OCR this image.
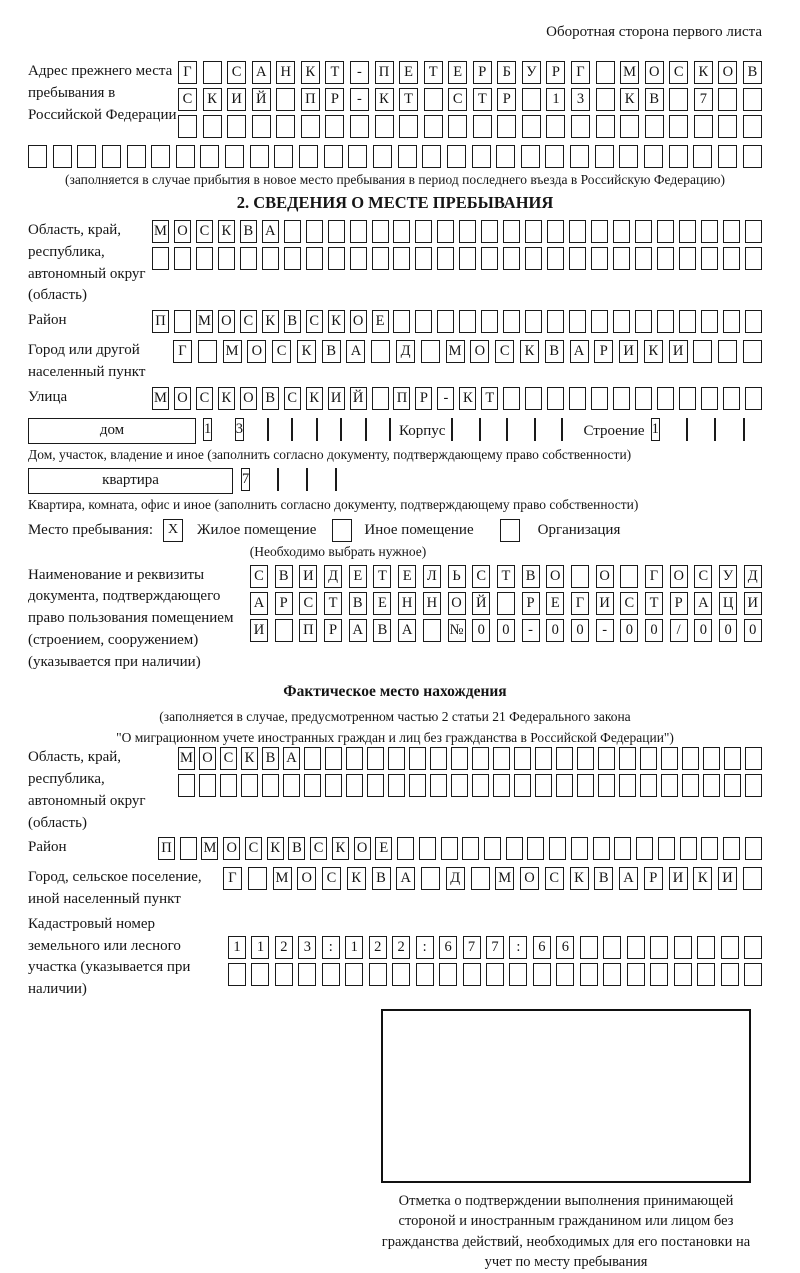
Оборотная сторона первого листа
Адрес прежнего места пребывания в Российской Федерации
Г	С А Н К	Т	-	П	Е	Т	Е	Р	Б	У	Р	Г	М О С	К О В
С	К И Й	П	Р	-	К	Т	С	Т	Р	1	3	К	В	7
(заполняется в случае прибытия в новое место пребывания в период последнего въезда в Российскую Федерацию)
2. СВЕДЕНИЯ О МЕСТЕ ПРЕБЫВАНИЯ
Область, край, республика, автономный округ (область)
М О С К В А
Район	П М О С К В С К О Е
Город или другой населенный пункт
Г	М О	С	К	В	А	Д	М О	С	К	В	А	Р	И	К	И
Улица	М О С К О В С К И Й П Р	-	К Т
дом	1 3	Корпус	Строение 1
Дом, участок, владение и иное (заполнить согласно документу, подтверждающему право собственности)
квартира	7
Квартира, комната, офис и иное (заполнить согласно документу, подтверждающему право собственности)
Место пребывания:	X	Жилое помещение	Иное помещение	Организация
(Необходимо выбрать нужное)
Наименование и реквизиты документа, подтверждающего право пользования помещением (строением, сооружением) (указывается при наличии)
С В И Д	Е	Т	Е	Л	Ь	С	Т	В О	О	Г	О С У Д
А	Р	С	Т	В	Е	Н Н О Й	Р	Е	Г	И С	Т	Р	А Ц И
И	П	Р	А В А	№ 0	0	-	0	0	-	0	0	/	0	0	0
Фактическое место нахождения
(заполняется в случае, предусмотренном частью 2 статьи 21 Федерального закона
"О миграционном учете иностранных граждан и лиц без гражданства в Российской Федерации")
Область, край, республика, автономный округ (область)
М О С К В А
Район	П М О С К В С К О Е
Город, сельское поселение, иной населенный пункт
Г	М О	С	К	В	А	Д	М О	С	К	В	А	Р	И	К	И
Кадастровый номер земельного или лесного участка (указывается при наличии)
1	1	2	3	:	1	2	2	:	6	7	7	:	6	6
Отметка о подтверждении выполнения принимающей стороной и иностранным гражданином или лицом без гражданства действий, необходимых для его постановки на учет по месту пребывания
